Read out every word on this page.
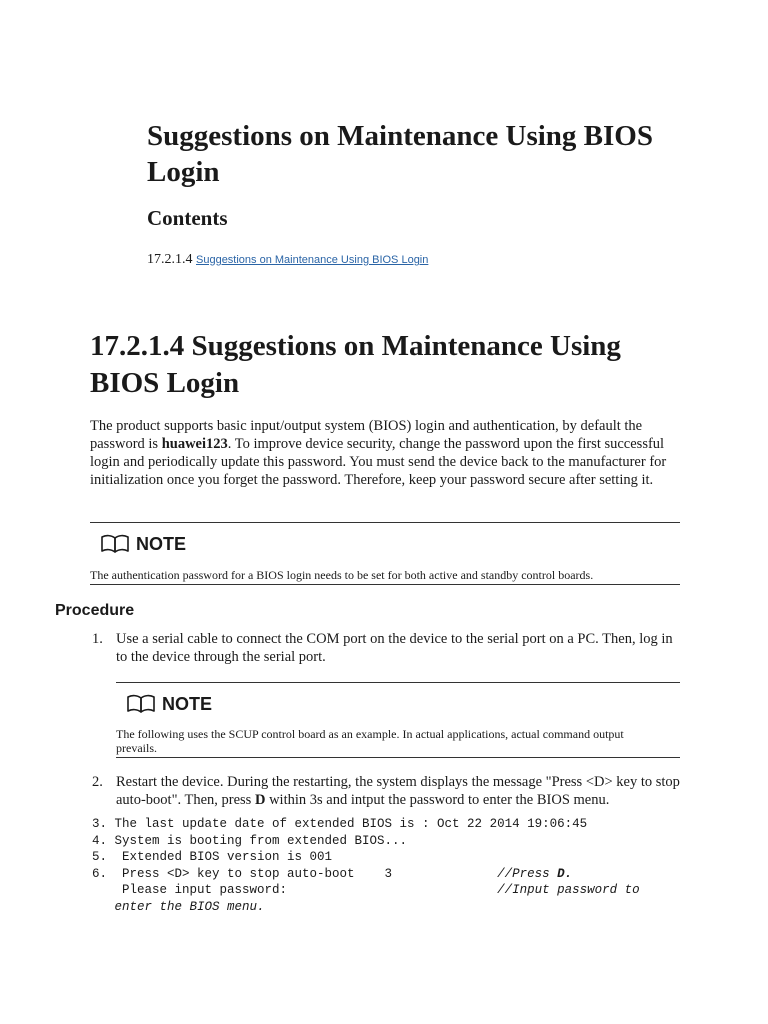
Suggestions on Maintenance Using BIOS Login
Contents

17.2.1.4 Suggestions on Maintenance Using BIOS Login

17.2.1.4 Suggestions on Maintenance Using BIOS Login

The product supports basic input/output system (BIOS) login and authentication, by default the password is huawei123. To improve device security, change the password upon the first successful login and periodically update this password. You must send the device back to the manufacturer for initialization once you forget the password. Therefore, keep your password secure after setting it.

NOTE

The authentication password for a BIOS login needs to be set for both active and standby control boards.

Procedure
1. Use a serial cable to connect the COM port on the device to the serial port on a PC. Then, log in to the device through the serial port.
NOTE

The following uses the SCUP control board as an example. In actual applications, actual command output prevails.

2. Restart the device. During the restarting, the system displays the message "Press <D> key to stop auto-boot". Then, press D within 3s and intput the password to enter the BIOS menu.
3. The last update date of extended BIOS is : Oct 22 2014 19:06:45
4. System is booting from extended BIOS...
5.  Extended BIOS version is 001
6.  Press <D> key to stop auto-boot    3              //Press D.
Please input password:                            //Input password to
enter the BIOS menu.
